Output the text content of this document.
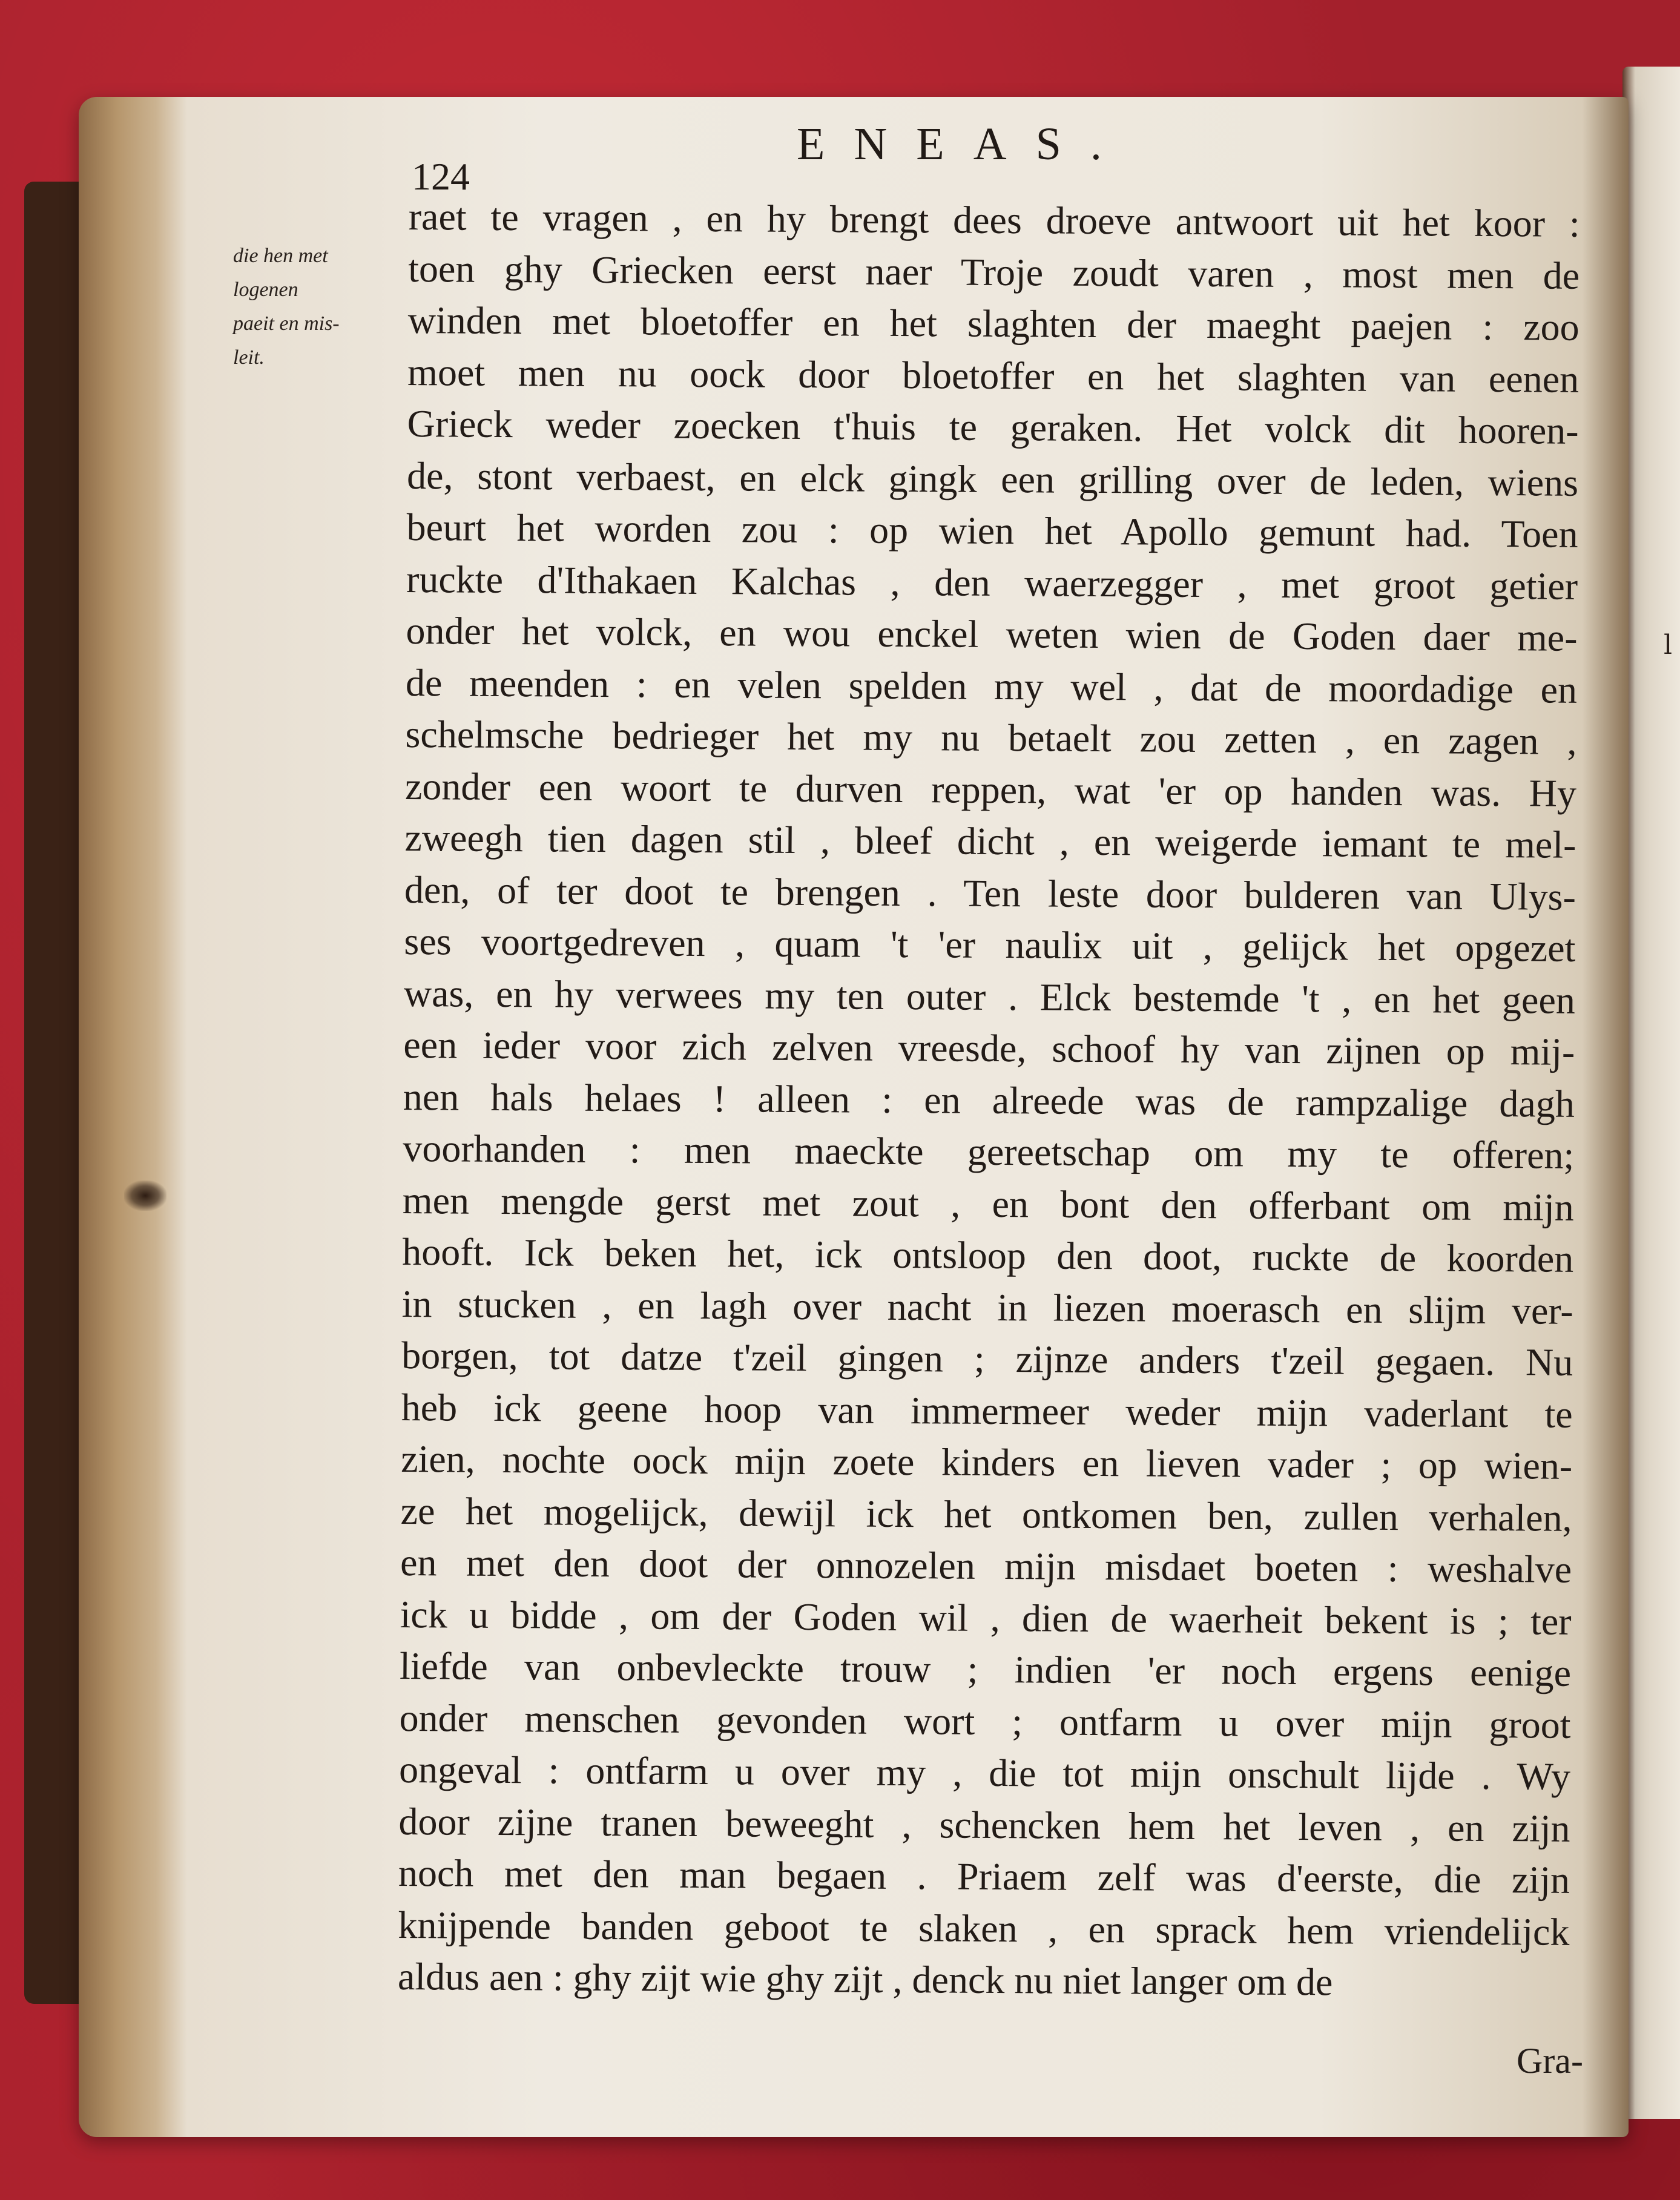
l
124
ENEAS.
die hen met
logenen
paeit en mis-
leit.
raet te vragen , en hy brengt dees droeve antwoort uit het koor :
toen ghy Griecken eerst naer Troje zoudt varen , most men de
winden met bloetoffer en het slaghten der maeght paejen : zoo
moet men nu oock door bloetoffer en het slaghten van eenen
Grieck weder zoecken t'huis te geraken. Het volck dit hooren-
de, stont verbaest, en elck gingk een grilling over de leden, wiens
beurt het worden zou : op wien het Apollo gemunt had. Toen
ruckte d'Ithakaen Kalchas , den waerzegger , met groot getier
onder het volck, en wou enckel weten wien de Goden daer me-
de meenden : en velen spelden my wel , dat de moordadige en
schelmsche bedrieger het my nu betaelt zou zetten , en zagen ,
zonder een woort te durven reppen, wat 'er op handen was. Hy
zweegh tien dagen stil , bleef dicht , en weigerde iemant te mel-
den, of ter doot te brengen . Ten leste door bulderen van Ulys-
ses voortgedreven , quam 't 'er naulix uit , gelijck het opgezet
was, en hy verwees my ten outer . Elck bestemde 't , en het geen
een ieder voor zich zelven vreesde, schoof hy van zijnen op mij-
nen hals helaes ! alleen : en alreede was de rampzalige dagh
voorhanden : men maeckte gereetschap om my te offeren;
men mengde gerst met zout , en bont den offerbant om mijn
hooft. Ick beken het, ick ontsloop den doot, ruckte de koorden
in stucken , en lagh over nacht in liezen moerasch en slijm ver-
borgen, tot datze t'zeil gingen ; zijnze anders t'zeil gegaen. Nu
heb ick geene hoop van immermeer weder mijn vaderlant te
zien, nochte oock mijn zoete kinders en lieven vader ; op wien-
ze het mogelijck, dewijl ick het ontkomen ben, zullen verhalen,
en met den doot der onnozelen mijn misdaet boeten : weshalve
ick u bidde , om der Goden wil , dien de waerheit bekent is ; ter
liefde van onbevleckte trouw ; indien 'er noch ergens eenige
onder menschen gevonden wort ; ontfarm u over mijn groot
ongeval : ontfarm u over my , die tot mijn onschult lijde . Wy
door zijne tranen beweeght , schencken hem het leven , en zijn
noch met den man begaen . Priaem zelf was d'eerste, die zijn
knijpende banden geboot te slaken , en sprack hem vriendelijck
aldus aen : ghy zijt wie ghy zijt , denck nu niet langer om de
Gra-
